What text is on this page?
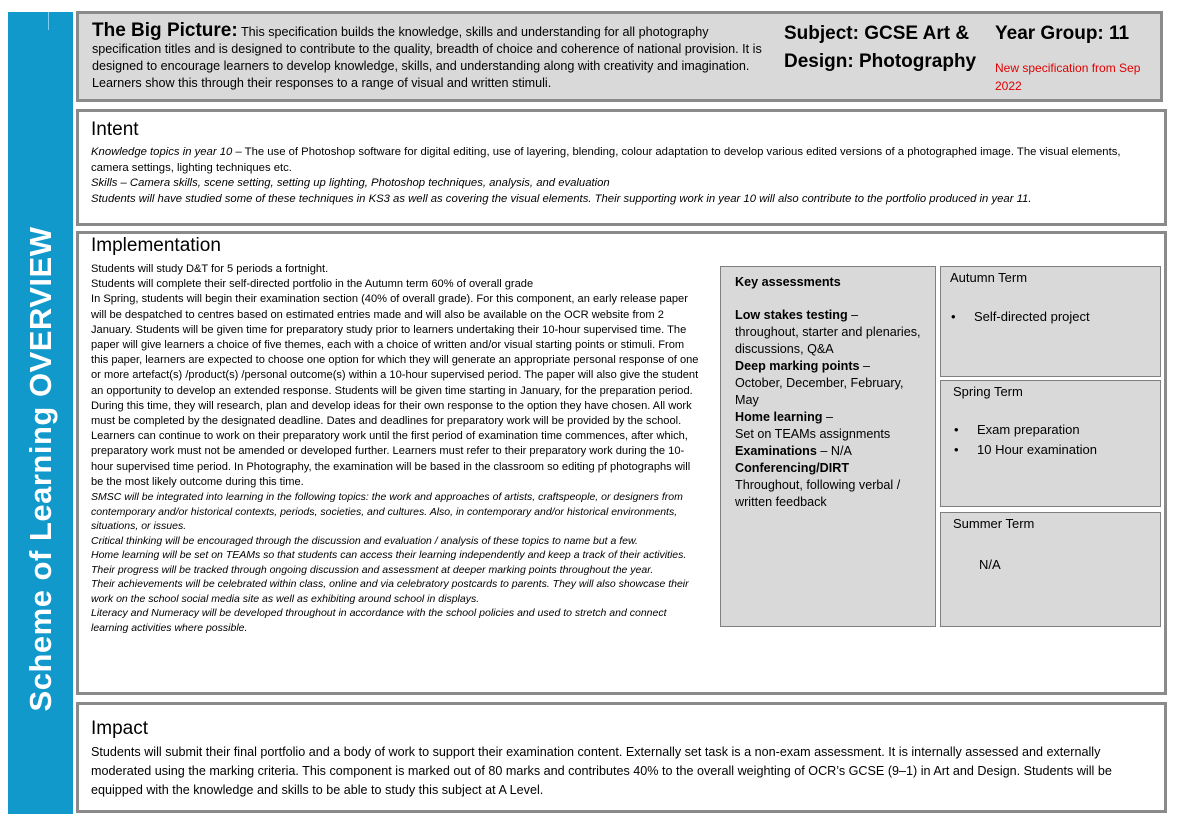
Scheme of Learning OVERVIEW
The Big Picture: This specification builds the knowledge, skills and understanding for all photography specification titles and is designed to contribute to the quality, breadth of choice and coherence of national provision. It is designed to encourage learners to develop knowledge, skills, and understanding along with creativity and imagination. Learners show this through their responses to a range of visual and written stimuli.
Subject: GCSE Art & Design: Photography
Year Group: 11
New specification from Sep 2022
Intent

Knowledge topics in year 10 – The use of Photoshop software for digital editing, use of layering, blending, colour adaptation to develop various edited versions of a photographed image. The visual elements, camera settings, lighting techniques etc.

Skills – Camera skills, scene setting, setting up lighting, Photoshop techniques, analysis, and evaluation

Students will have studied some of these techniques in KS3 as well as covering the visual elements. Their supporting work in year 10 will also contribute to the portfolio produced in year 11.

Implementation

Students will study D&T for 5 periods a fortnight.

Students will complete their self-directed portfolio in the Autumn term 60% of overall grade

In Spring, students will begin their examination section (40% of overall grade). For this component, an early release paper will be despatched to centres based on estimated entries made and will also be available on the OCR website from 2 January. Students will be given time for preparatory study prior to learners undertaking their 10-hour supervised time. The paper will give learners a choice of five themes, each with a choice of written and/or visual starting points or stimuli. From this paper, learners are expected to choose one option for which they will generate an appropriate personal response of one or more artefact(s) /product(s) /personal outcome(s) within a 10-hour supervised period. The paper will also give the student an opportunity to develop an extended response. Students will be given time starting in January, for the preparation period. During this time, they will research, plan and develop ideas for their own response to the option they have chosen. All work must be completed by the designated deadline. Dates and deadlines for preparatory work will be provided by the school. Learners can continue to work on their preparatory work until the first period of examination time commences, after which, preparatory work must not be amended or developed further. Learners must refer to their preparatory work during the 10-hour supervised time period. In Photography, the examination will be based in the classroom so editing pf photographs will be the most likely outcome during this time.

SMSC will be integrated into learning in the following topics: the work and approaches of artists, craftspeople, or designers from contemporary and/or historical contexts, periods, societies, and cultures. Also, in contemporary and/or historical environments, situations, or issues.

Critical thinking will be encouraged through the discussion and evaluation / analysis of these topics to name but a few.

Home learning will be set on TEAMs so that students can access their learning independently and keep a track of their activities. Their progress will be tracked through ongoing discussion and assessment at deeper marking points throughout the year.

Their achievements will be celebrated within class, online and via celebratory postcards to parents. They will also showcase their work on the school social media site as well as exhibiting around school in displays.

Literacy and Numeracy will be developed throughout in accordance with the school policies and used to stretch and connect learning activities where possible.

Key assessments

Low stakes testing – throughout, starter and plenaries, discussions, Q&A

Deep marking points – October, December, February, May

Home learning –

Set on TEAMs assignments

Examinations – N/A

Conferencing/DIRT

Throughout, following verbal / written feedback

Autumn Term
• Self-directed project
Spring Term
• Exam preparation
• 10 Hour examination
Summer Term
N/A
Impact
Students will submit their final portfolio and a body of work to support their examination content. Externally set task is a non-exam assessment. It is internally assessed and externally moderated using the marking criteria. This component is marked out of 80 marks and contributes 40% to the overall weighting of OCR’s GCSE (9–1) in Art and Design. Students will be equipped with the knowledge and skills to be able to study this subject at A Level.
